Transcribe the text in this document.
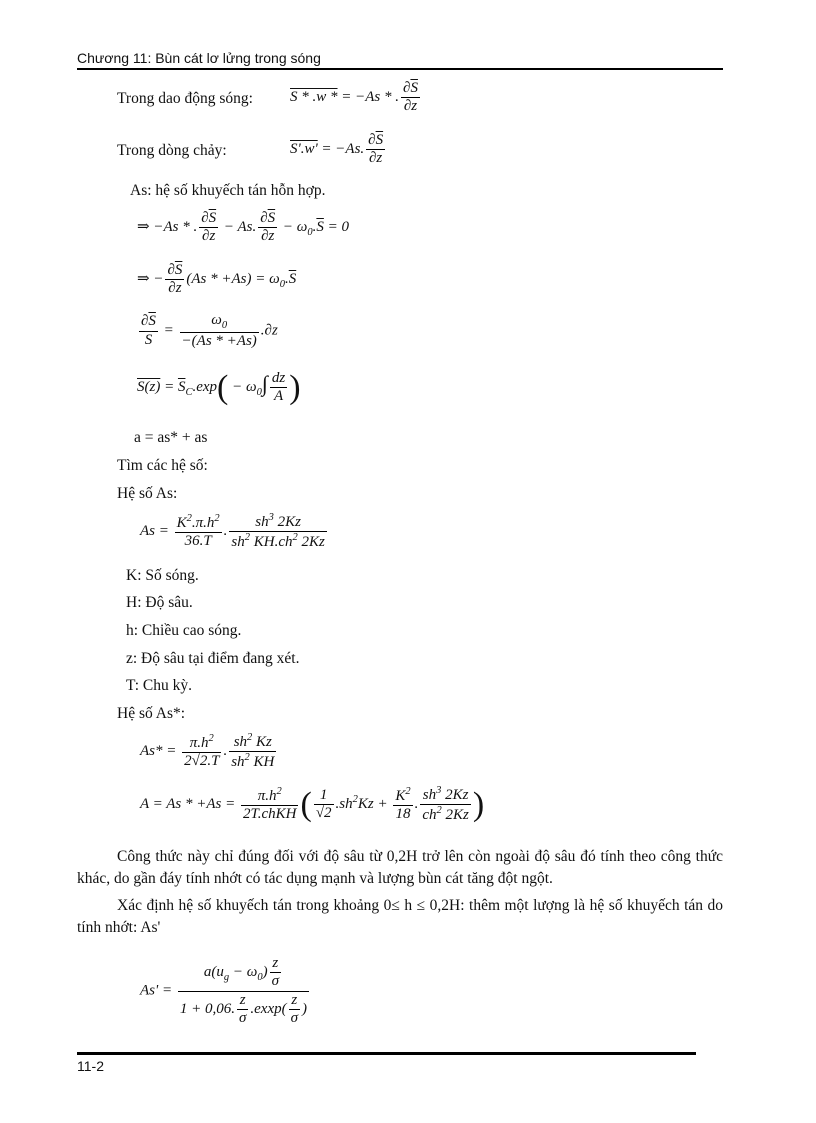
Chương 11: Bùn cát lơ lửng trong sóng
Trong dao động sóng: S * .w * = −As * . $\frac{\partial\overline{S}}{\partial z}$
Trong dòng chảy:	S'.w' = −As. $\frac{\partial\overline{S}}{\partial z}$
As: hệ số khuyếch tán hỗn hợp.
⇒ −As * . $\frac{\partial\overline{S}}{\partial z} - As$. $\frac{\partial\overline{S}}{\partial z} - \omega_0.\overline{S} = 0$
⇒ − $\frac{\partial\overline{S}}{\partial z} (As * +As) = \omega_0.\overline{S}$
$\frac{\partial\overline{S}}{S} = \frac{\omega_0}{-(As * +As)} .\partial z$
$S(z) = \overline{S}_C.\exp( - \omega_0\int \frac{dz}{A}$ )
a = as* + as
Tìm các hệ số:
Hệ số As:
$As = \frac{K^2.\pi.h^2}{36.T}$ . $\frac{sh^3 2Kz}{sh^2 KH.ch^2 2Kz}$
K: Số sóng.
H: Độ sâu.
h: Chiều cao sóng.
z: Độ sâu tại điểm đang xét.
T: Chu kỳ.
Hệ số As*:
$As* = \frac{\pi.h^2}{2√2.T}$ . $\frac{sh^2 Kz}{sh^2 KH}$
$A = As * +As = \frac{\pi.h^2}{\text{2T.chKH}}$ ( $\frac{1}{√2} .sh^2Kz + \frac{K^2}{18}$ . $\frac{sh^3 2Kz}{ch^2 2Kz}$ )
Công thức này chỉ đúng đối với độ sâu từ 0,2H trở lên còn ngoài độ sâu đó tính theo công thức khác, do gần đáy tính nhớt có tác dụng mạnh và lượng bùn cát tăng đột ngột.
Xác định hệ số khuyếch tán trong khoảng 0≤ h ≤ 0,2H: thêm một lượng là hệ số khuyếch tán do tính nhớt: As'
$As' = \frac{a(u_g - \omega_0) \frac{z}{\sigma}}{1 + 0,06. \frac{z}{\sigma} .exxp( \frac{z}{\sigma} )}$
11-2
